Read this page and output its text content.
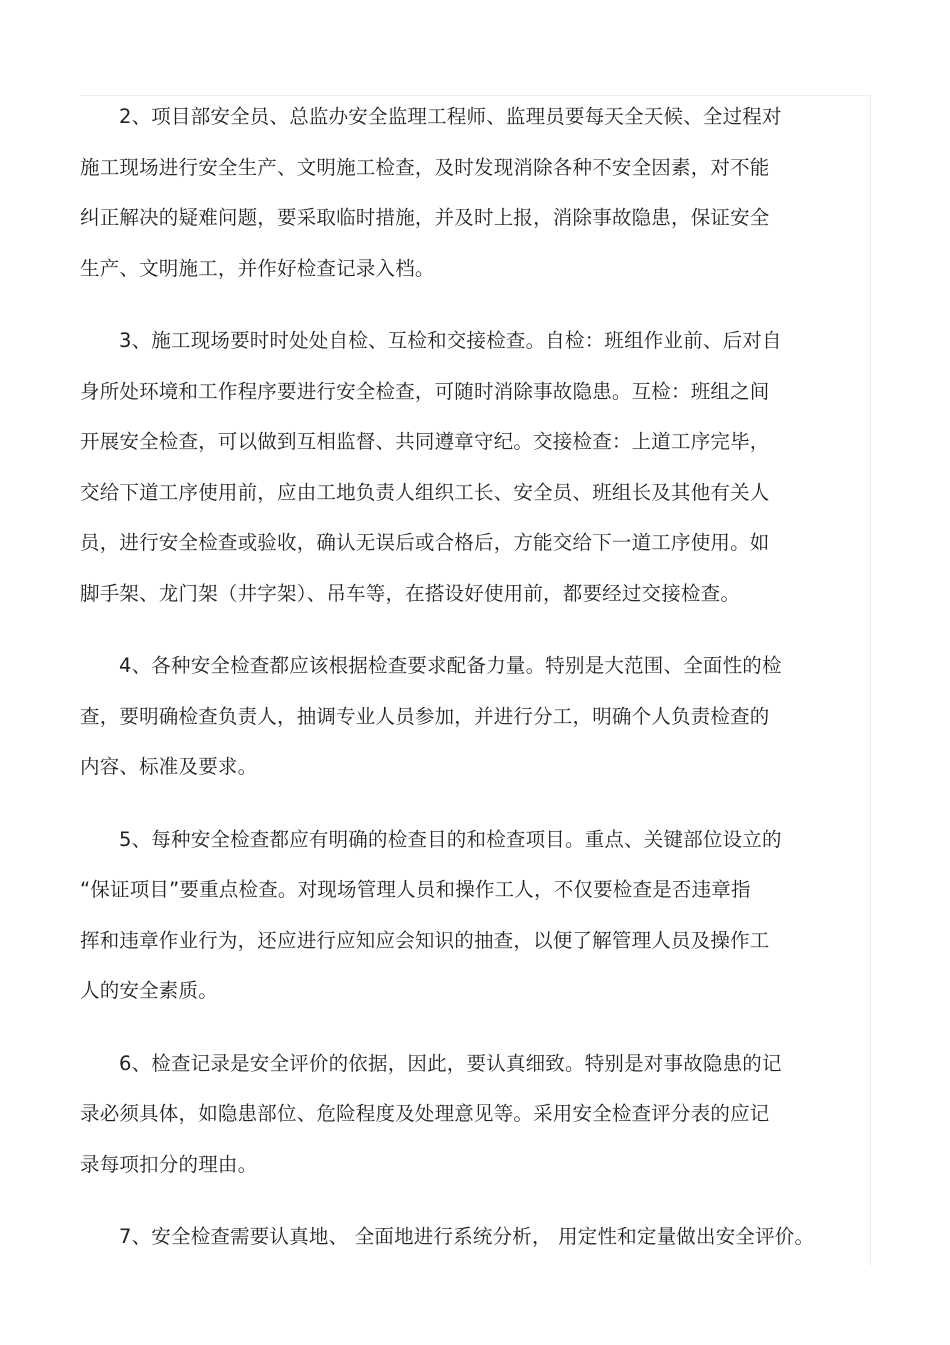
2、项目部安全员、总监办安全监理工程师、监理员要每天全天候、全过程对
施工现场进行安全生产、文明施工检查，及时发现消除各种不安全因素，对不能
纠正解决的疑难问题，要采取临时措施，并及时上报，消除事故隐患，保证安全
生产、文明施工，并作好检查记录入档。

3、施工现场要时时处处自检、互检和交接检查。自检：班组作业前、后对自
身所处环境和工作程序要进行安全检查，可随时消除事故隐患。互检：班组之间
开展安全检查，可以做到互相监督、共同遵章守纪。交接检查：上道工序完毕，
交给下道工序使用前，应由工地负责人组织工长、安全员、班组长及其他有关人
员，进行安全检查或验收，确认无误后或合格后，方能交给下一道工序使用。如
脚手架、龙门架（井字架）、吊车等，在搭设好使用前，都要经过交接检查。

4、各种安全检查都应该根据检查要求配备力量。特别是大范围、全面性的检
查，要明确检查负责人，抽调专业人员参加，并进行分工，明确个人负责检查的
内容、标准及要求。

5、每种安全检查都应有明确的检查目的和检查项目。重点、关键部位设立的
“保证项目”要重点检查。对现场管理人员和操作工人，不仅要检查是否违章指
挥和违章作业行为，还应进行应知应会知识的抽查，以便了解管理人员及操作工
人的安全素质。

6、检查记录是安全评价的依据，因此，要认真细致。特别是对事故隐患的记
录必须具体，如隐患部位、危险程度及处理意见等。采用安全检查评分表的应记
录每项扣分的理由。

7、安全检查需要认真地、 全面地进行系统分析， 用定性和定量做出安全评价。
